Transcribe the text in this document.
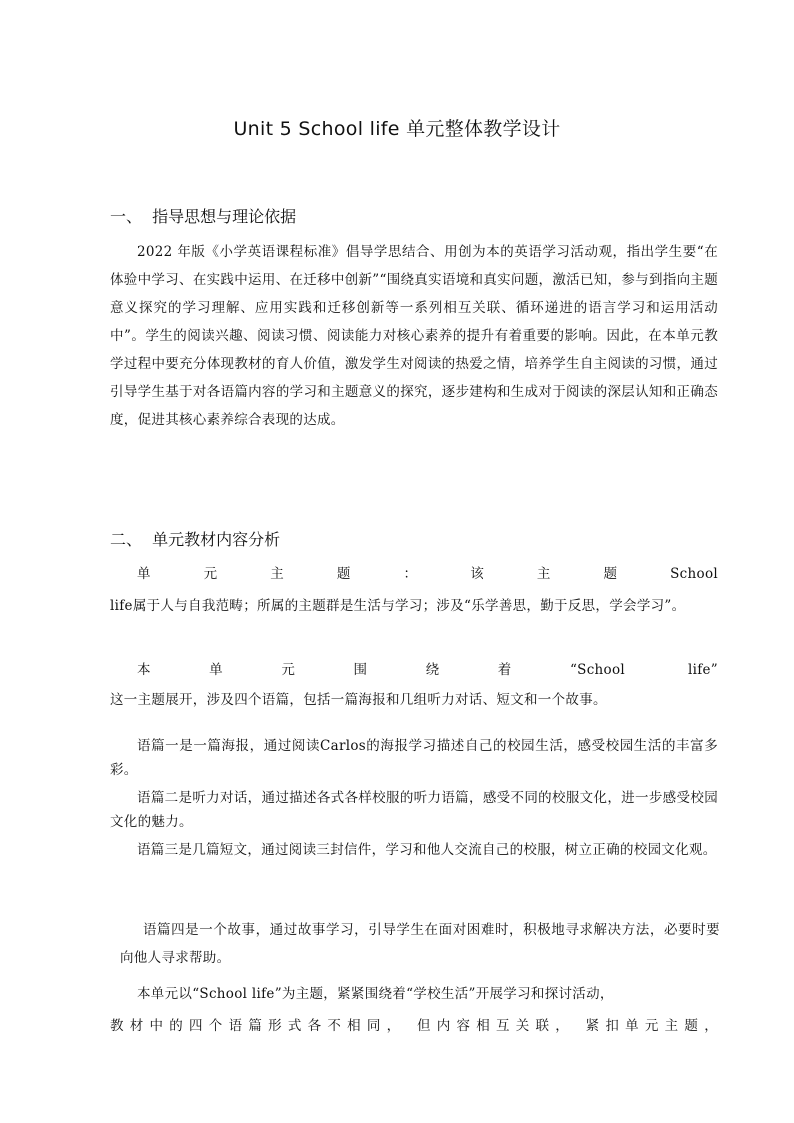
Unit 5 School life 单元整体教学设计
一、  指导思想与理论依据
2022 年版《小学英语课程标准》倡导学思结合、用创为本的英语学习活动观，指出学生要“在体验中学习、在实践中运用、在迁移中创新”“围绕真实语境和真实问题，激活已知，参与到指向主题意义探究的学习理解、应用实践和迁移创新等一系列相互关联、循环递进的语言学习和运用活动中”。学生的阅读兴趣、阅读习惯、阅读能力对核心素养的提升有着重要的影响。因此，在本单元教学过程中要充分体现教材的育人价值，激发学生对阅读的热爱之情，培养学生自主阅读的习惯，通过引导学生基于对各语篇内容的学习和主题意义的探究，逐步建构和生成对于阅读的深层认知和正确态度，促进其核心素养综合表现的达成。
二、  单元教材内容分析
单元主题：该主题School
life属于人与自我范畴；所属的主题群是生活与学习；涉及“乐学善思，勤于反思，学会学习”。
本单元围绕着“School life”
这一主题展开，涉及四个语篇，包括一篇海报和几组听力对话、短文和一个故事。
语篇一是一篇海报，通过阅读Carlos的海报学习描述自己的校园生活，感受校园生活的丰富多彩。
语篇二是听力对话，通过描述各式各样校服的听力语篇，感受不同的校服文化，进一步感受校园文化的魅力。
语篇三是几篇短文，通过阅读三封信件，学习和他人交流自己的校服，树立正确的校园文化观。
语篇四是一个故事，通过故事学习，引导学生在面对困难时，积极地寻求解决方法，必要时要向他人寻求帮助。
本单元以“School life”为主题，紧紧围绕着“学校生活”开展学习和探讨活动，
教材中的四个语篇形式各不相同， 但内容相互关联， 紧扣单元主题，
